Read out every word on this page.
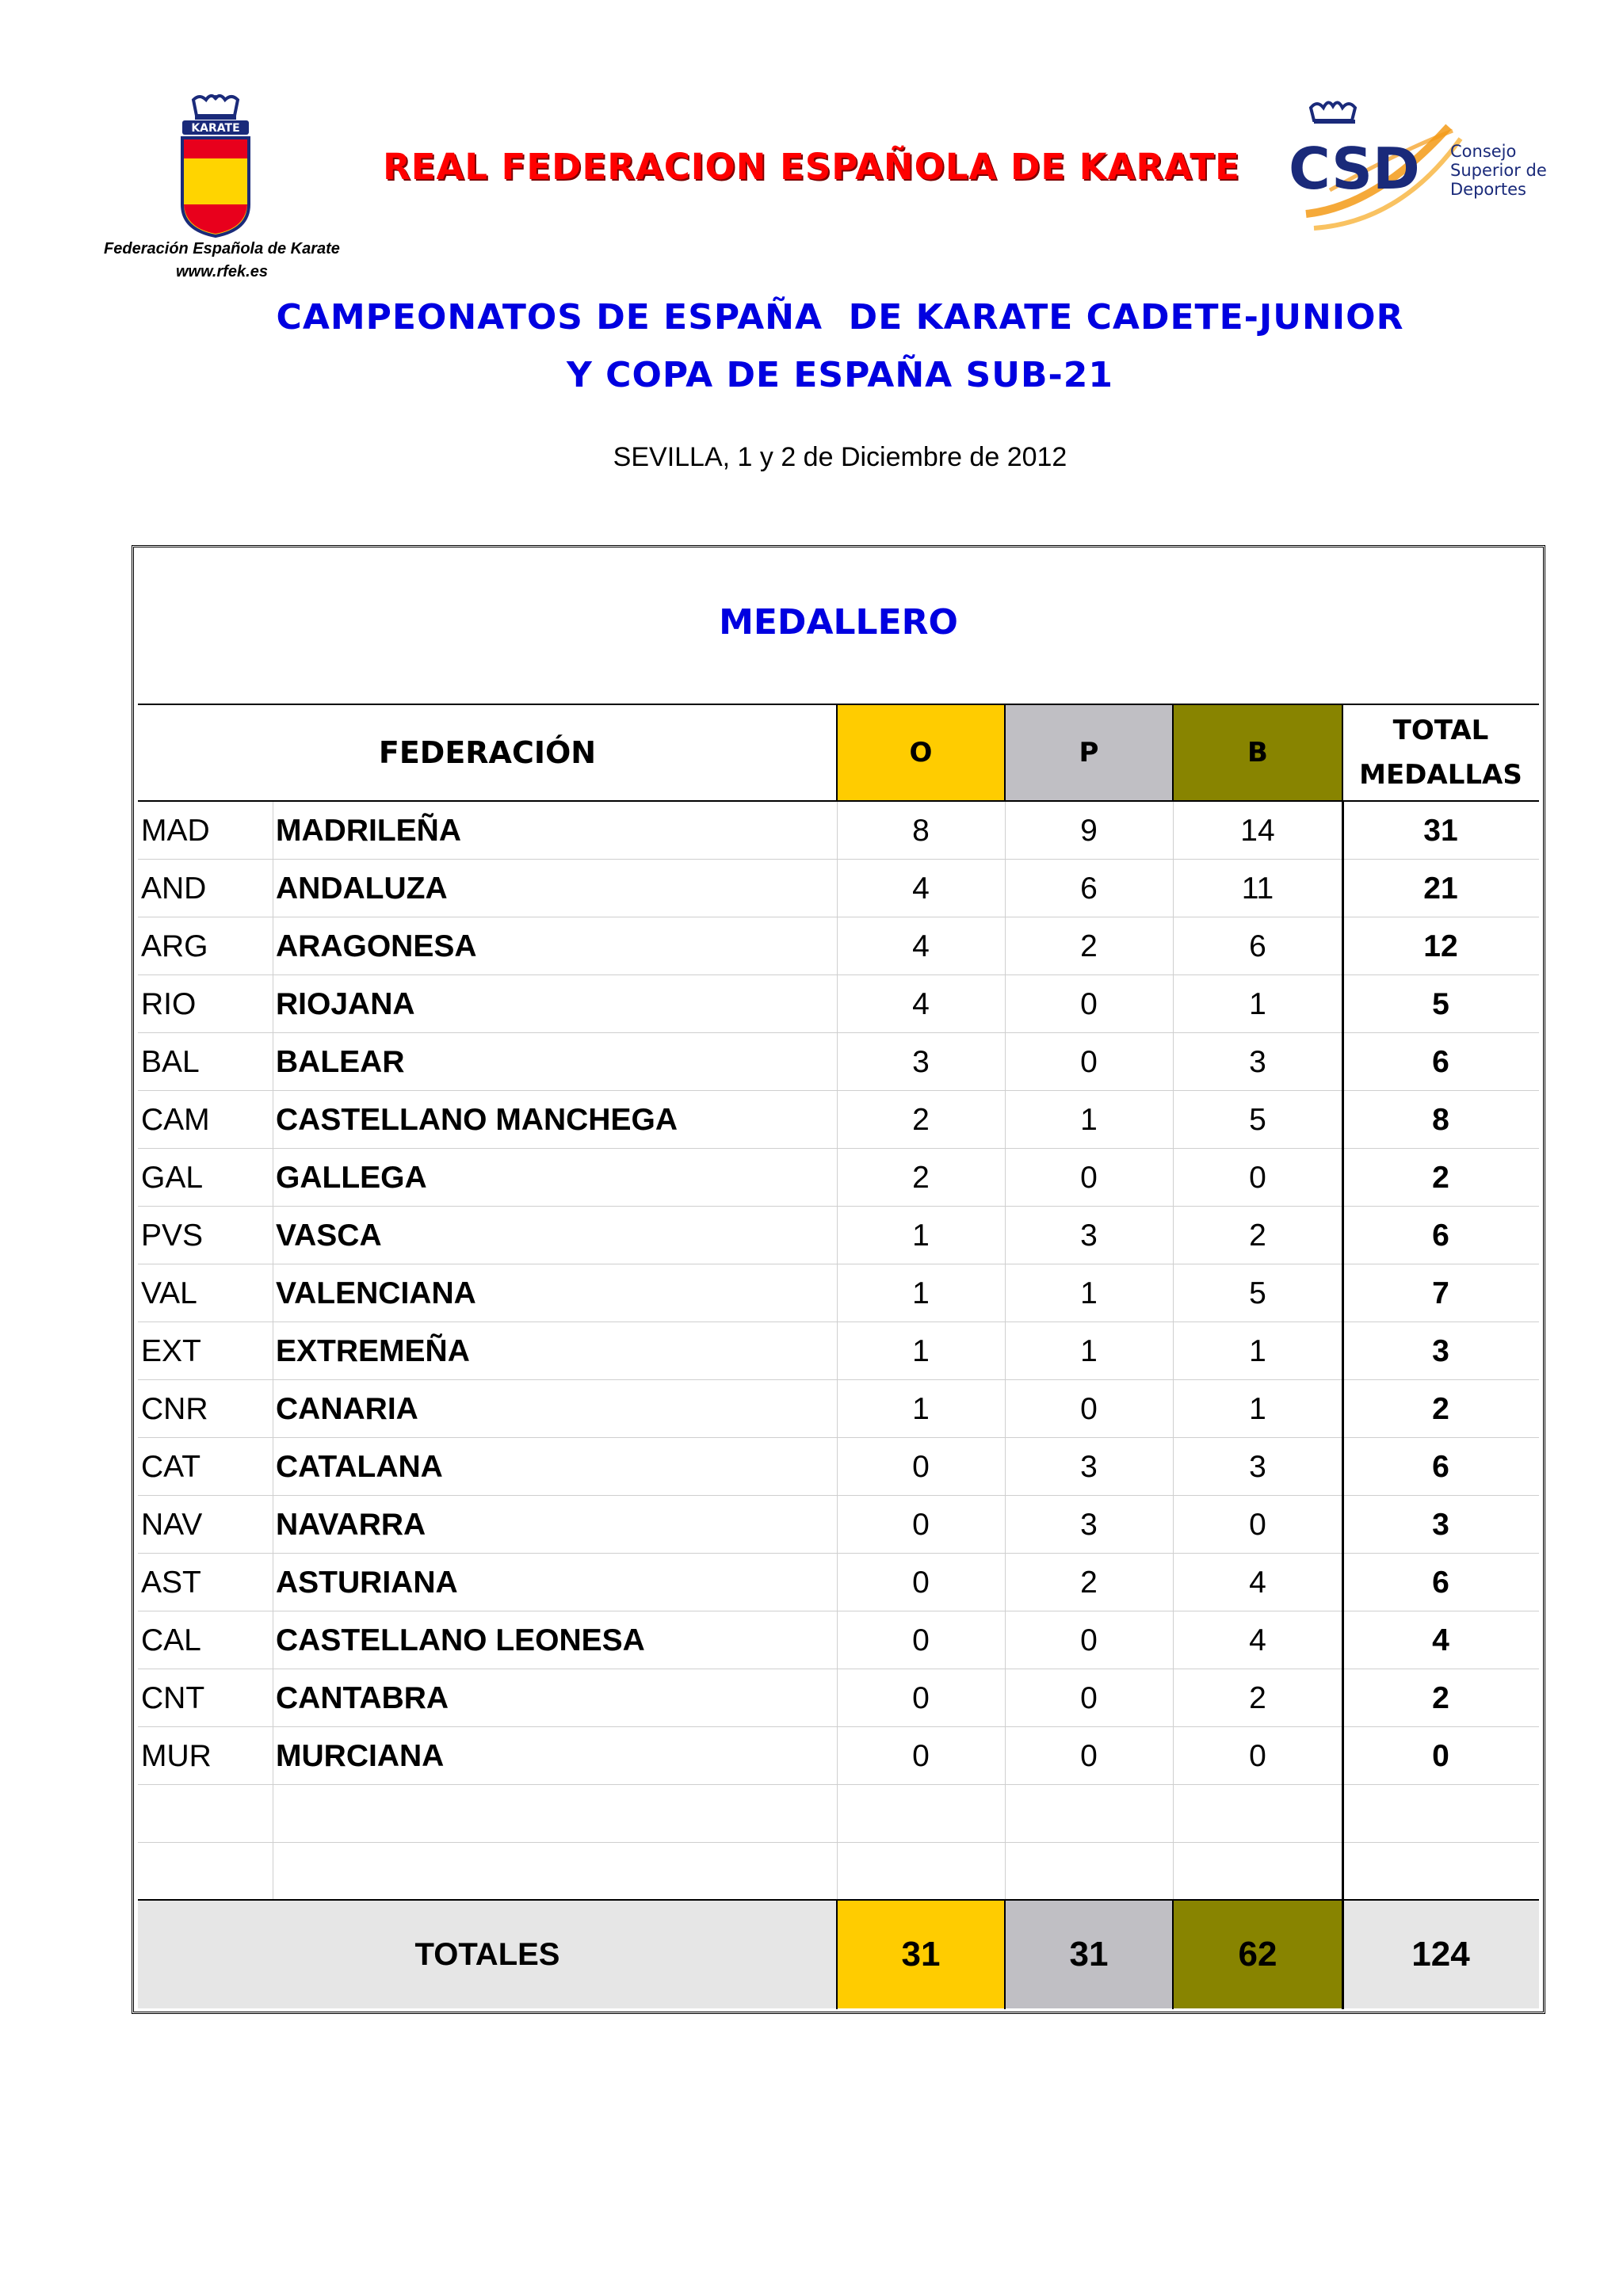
KARATE
Federación Española de Karate
www.rfek.es
REAL FEDERACION ESPAÑOLA DE KARATE CSD Consejo
Superior de
Deportes
CAMPEONATOS DE ESPAÑA  DE KARATE CADETE-JUNIOR
Y COPA DE ESPAÑA SUB-21
SEVILLA, 1 y 2 de Diciembre de 2012
MEDALLERO
FEDERACIÓN	O	P	B
TOTAL
MEDALLAS
MAD MADRILEÑA	8	9	14	31
AND ANDALUZA	4	6	11	21
ARG ARAGONESA	4	2	6	12
RIO	RIOJANA	4	0	1	5
BAL BALEAR	3	0	3	6
CAM CASTELLANO MANCHEGA	2	1	5	8
GAL GALLEGA	2	0	0	2
PVS VASCA	1	3	2	6
VAL	VALENCIANA	1	1	5	7
EXT EXTREMEÑA	1	1	1	3
CNR CANARIA	1	0	1	2
CAT CATALANA	0	3	3	6
NAV NAVARRA	0	3	0	3
AST ASTURIANA	0	2	4	6
CAL CASTELLANO LEONESA	0	0	4	4
CNT CANTABRA	0	0	2	2
MUR MURCIANA	0	0	0	0
TOTALES	31	31	62	124
